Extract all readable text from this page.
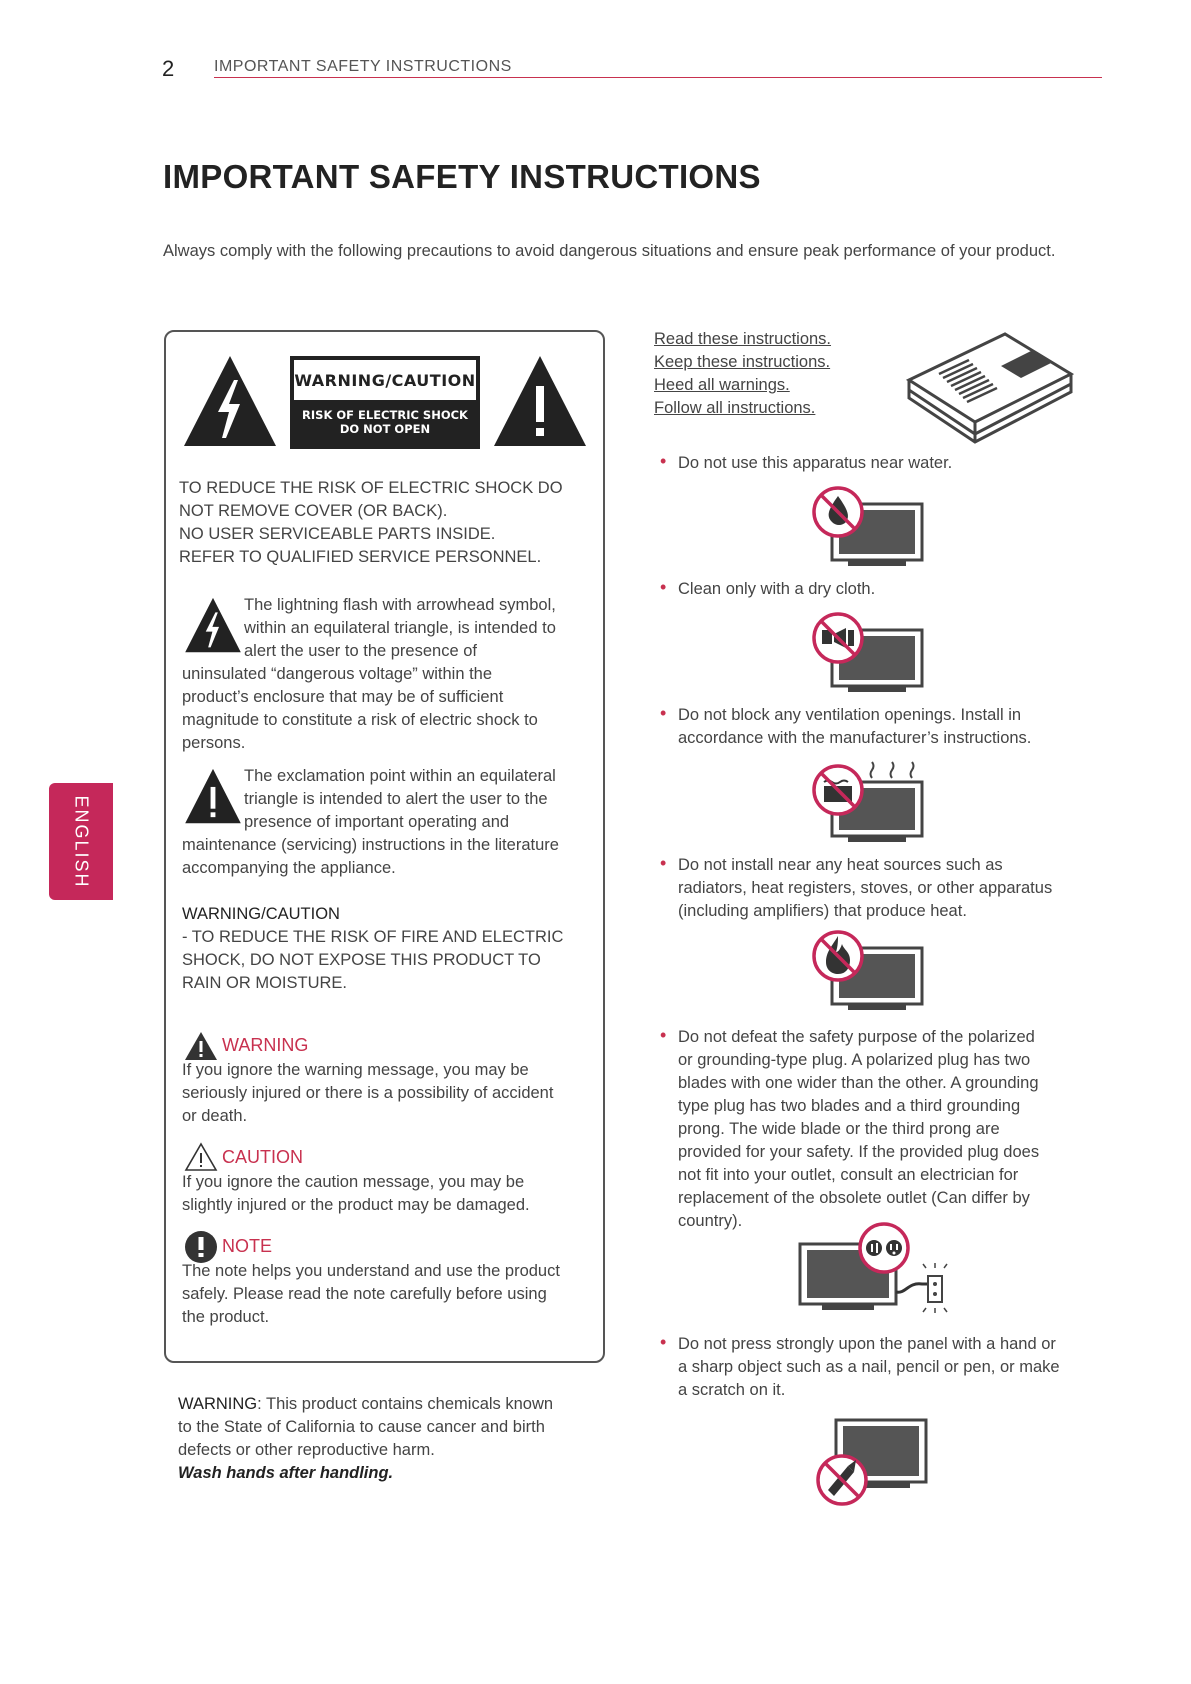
2 IMPORTANT SAFETY INSTRUCTIONS
IMPORTANT SAFETY INSTRUCTIONS
Always comply with the following precautions to avoid dangerous situations and ensure peak performance of your product.
ENGLISH
WARNING/CAUTION
RISK OF ELECTRIC SHOCK
DO NOT OPEN
TO REDUCE THE RISK OF ELECTRIC SHOCK DO
NOT REMOVE COVER (OR BACK).
NO USER SERVICEABLE PARTS INSIDE.
REFER TO QUALIFIED SERVICE PERSONNEL.
The lightning flash with arrowhead symbol,
within an equilateral triangle, is intended to
alert the user to the presence of
uninsulated “dangerous voltage” within the
product’s enclosure that may be of sufficient
magnitude to constitute a risk of electric shock to
persons.
The exclamation point within an equilateral
triangle is intended to alert the user to the
presence of important operating and
maintenance (servicing) instructions in the literature
accompanying the appliance.
WARNING/CAUTION
- TO REDUCE THE RISK OF FIRE AND ELECTRIC
SHOCK, DO NOT EXPOSE THIS PRODUCT TO
RAIN OR MOISTURE.
WARNING
If you ignore the warning message, you may be
seriously injured or there is a possibility of accident
or death.
CAUTION
If you ignore the caution message, you may be
slightly injured or the product may be damaged.
NOTE
The note helps you understand and use the product
safely. Please read the note carefully before using
the product.
WARNING: This product contains chemicals known
to the State of California to cause cancer and birth
defects or other reproductive harm.
Wash hands after handling.
Read these instructions.
Keep these instructions.
Heed all warnings.
Follow all instructions.
• Do not use this apparatus near water.
• Clean only with a dry cloth.
• Do not block any ventilation openings. Install in
accordance with the manufacturer’s instructions.
• Do not install near any heat sources such as
radiators, heat registers, stoves, or other apparatus
(including amplifiers) that produce heat.
• Do not defeat the safety purpose of the polarized
or grounding-type plug. A polarized plug has two
blades with one wider than the other. A grounding
type plug has two blades and a third grounding
prong. The wide blade or the third prong are
provided for your safety. If the provided plug does
not fit into your outlet, consult an electrician for
replacement of the obsolete outlet (Can differ by
country).
• Do not press strongly upon the panel with a hand or
a sharp object such as a nail, pencil or pen, or make
a scratch on it.
